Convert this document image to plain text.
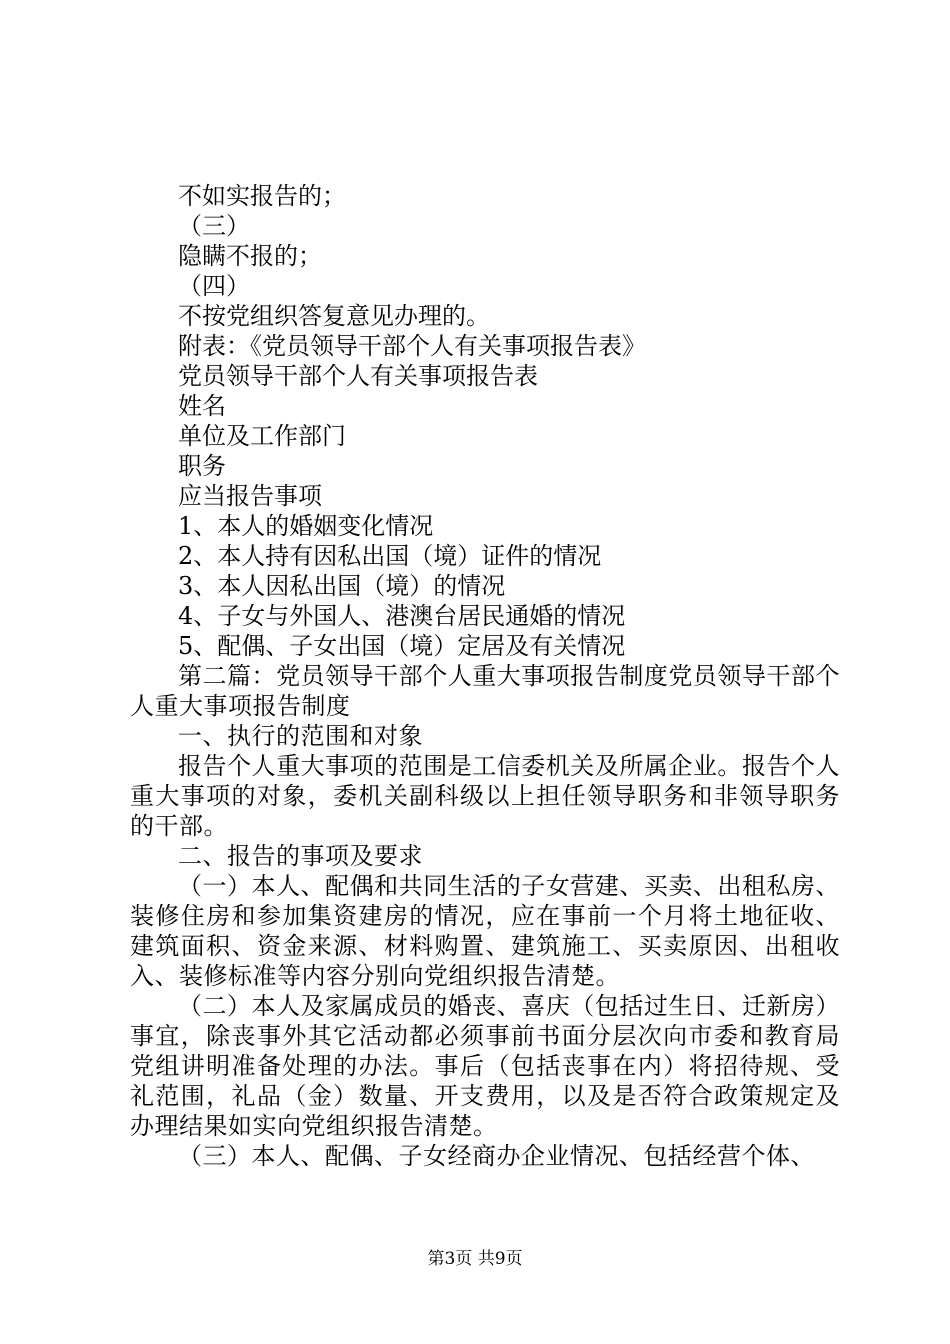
不如实报告的；
（三）
隐瞒不报的；
（四）
不按党组织答复意见办理的。
附表：《党员领导干部个人有关事项报告表》
党员领导干部个人有关事项报告表
姓名
单位及工作部门
职务
应当报告事项
1、本人的婚姻变化情况
2、本人持有因私出国（境）证件的情况
3、本人因私出国（境）的情况
4、子女与外国人、港澳台居民通婚的情况
5、配偶、子女出国（境）定居及有关情况
第二篇：党员领导干部个人重大事项报告制度党员领导干部个人重大事项报告制度
一、执行的范围和对象
报告个人重大事项的范围是工信委机关及所属企业。报告个人重大事项的对象，委机关副科级以上担任领导职务和非领导职务的干部。
二、报告的事项及要求
（一）本人、配偶和共同生活的子女营建、买卖、出租私房、装修住房和参加集资建房的情况，应在事前一个月将土地征收、建筑面积、资金来源、材料购置、建筑施工、买卖原因、出租收入、装修标准等内容分别向党组织报告清楚。
（二）本人及家属成员的婚丧、喜庆（包括过生日、迁新房）事宜，除丧事外其它活动都必须事前书面分层次向市委和教育局党组讲明准备处理的办法。事后（包括丧事在内）将招待规、受礼范围，礼品（金）数量、开支费用，以及是否符合政策规定及办理结果如实向党组织报告清楚。
（三）本人、配偶、子女经商办企业情况、包括经营个体、
第3页 共9页
